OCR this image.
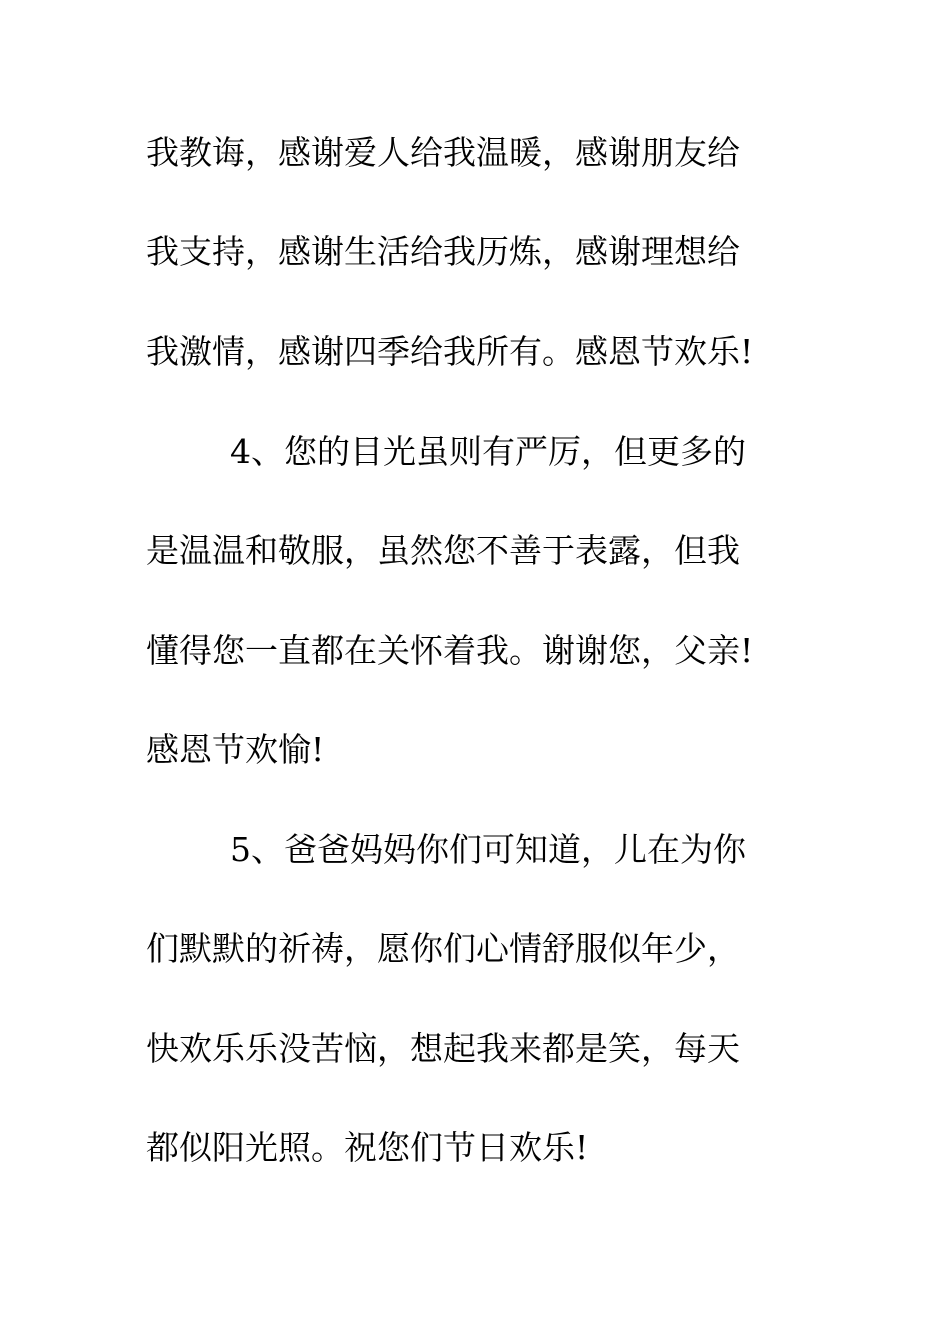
我教诲，感谢爱人给我温暖，感谢朋友给
我支持，感谢生活给我历炼，感谢理想给
我激情，感谢四季给我所有。感恩节欢乐!
4、您的目光虽则有严厉，但更多的
是温温和敬服，虽然您不善于表露，但我
懂得您一直都在关怀着我。谢谢您，父亲!
感恩节欢愉!
5、爸爸妈妈你们可知道，儿在为你
们默默的祈祷，愿你们心情舒服似年少，
快欢乐乐没苦恼，想起我来都是笑，每天
都似阳光照。祝您们节日欢乐!
